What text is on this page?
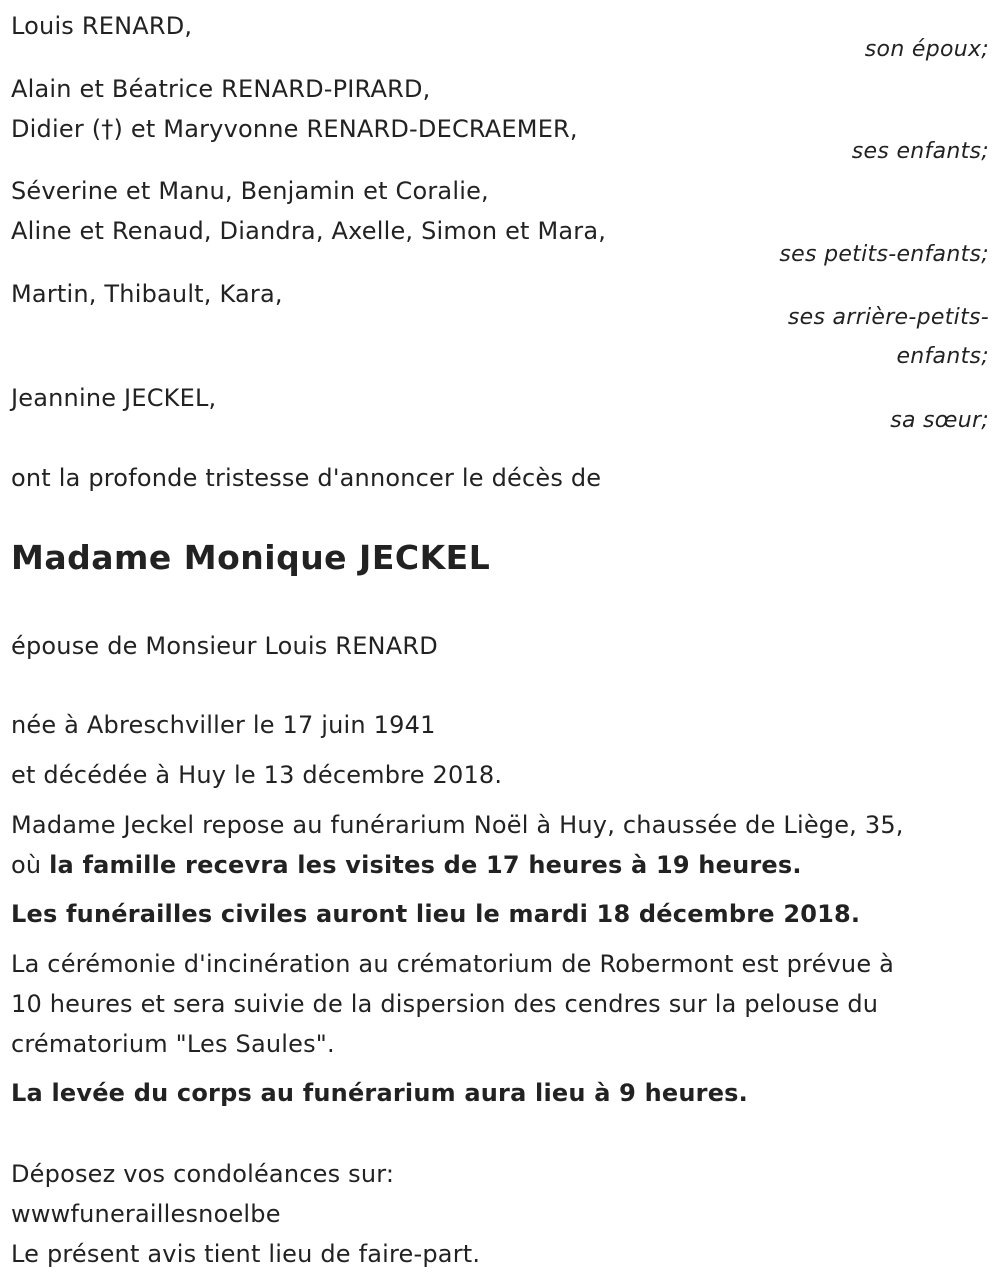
Louis RENARD,
son époux;
Alain et Béatrice RENARD-PIRARD,
Didier (†) et Maryvonne RENARD-DECRAEMER,
ses enfants;
Séverine et Manu, Benjamin et Coralie,
Aline et Renaud, Diandra, Axelle, Simon et Mara,
ses petits-enfants;
Martin, Thibault, Kara,
ses arrière-petits-
enfants;
Jeannine JECKEL,
sa sœur;
ont la profonde tristesse d'annoncer le décès de
Madame Monique JECKEL
épouse de Monsieur Louis RENARD
née à Abreschviller le 17 juin 1941
et décédée à Huy le 13 décembre 2018.
Madame Jeckel repose au funérarium Noël à Huy, chaussée de Liège, 35,
où la famille recevra les visites de 17 heures à 19 heures.
Les funérailles civiles auront lieu le mardi 18 décembre 2018.
La cérémonie d'incinération au crématorium de Robermont est prévue à
10 heures et sera suivie de la dispersion des cendres sur la pelouse du
crématorium "Les Saules".
La levée du corps au funérarium aura lieu à 9 heures.
Déposez vos condoléances sur:
wwwfuneraillesnoelbe
Le présent avis tient lieu de faire-part.
